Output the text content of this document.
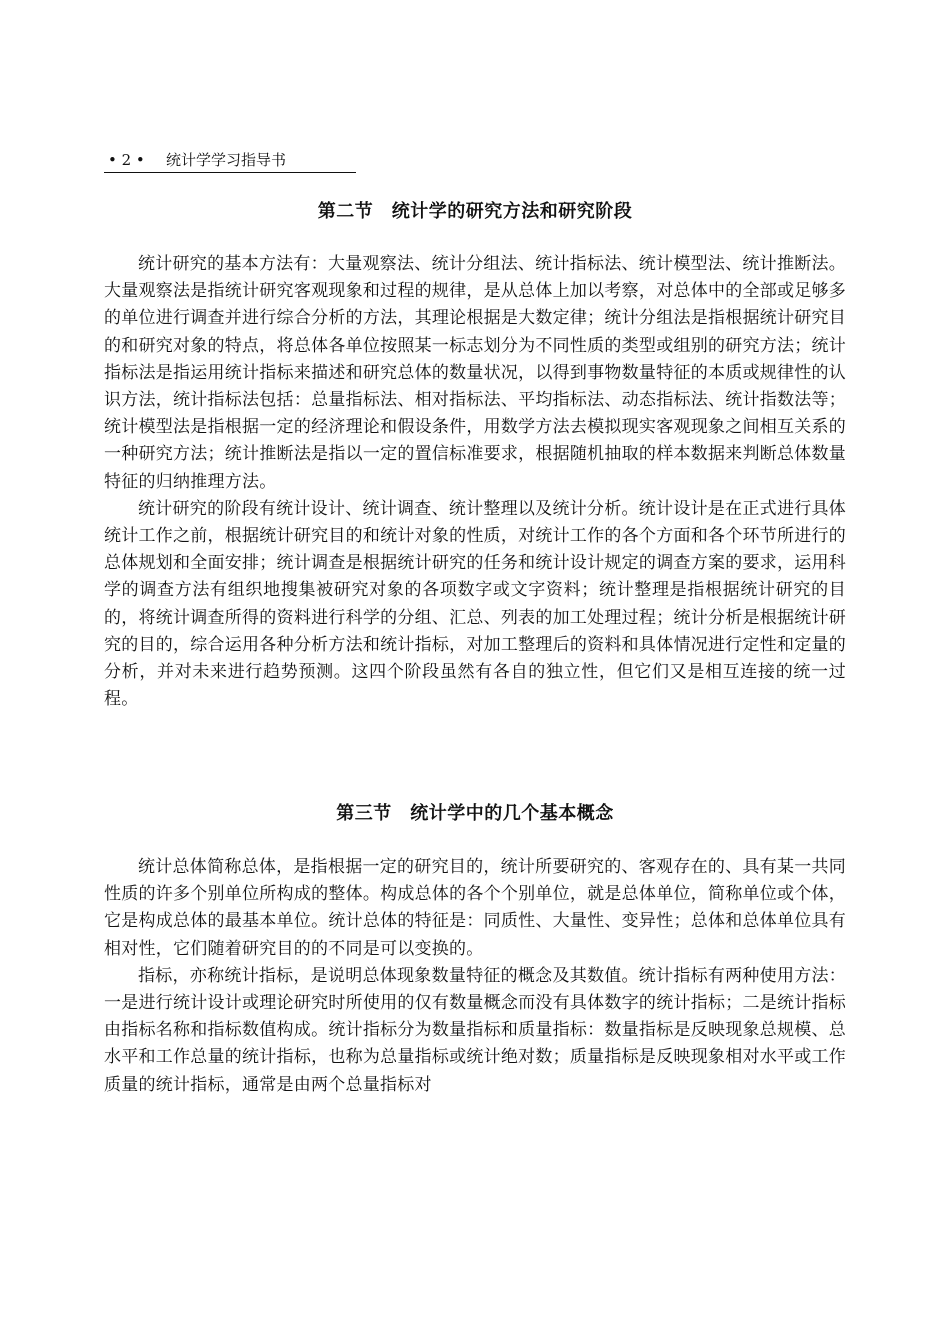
• 2 • 统计学学习指导书
第二节　统计学的研究方法和研究阶段

统计研究的基本方法有：大量观察法、统计分组法、统计指标法、统计模型法、统计推断法。大量观察法是指统计研究客观现象和过程的规律，是从总体上加以考察，对总体中的全部或足够多的单位进行调查并进行综合分析的方法，其理论根据是大数定律；统计分组法是指根据统计研究目的和研究对象的特点，将总体各单位按照某一标志划分为不同性质的类型或组别的研究方法；统计指标法是指运用统计指标来描述和研究总体的数量状况，以得到事物数量特征的本质或规律性的认识方法，统计指标法包括：总量指标法、相对指标法、平均指标法、动态指标法、统计指数法等；统计模型法是指根据一定的经济理论和假设条件，用数学方法去模拟现实客观现象之间相互关系的一种研究方法；统计推断法是指以一定的置信标准要求，根据随机抽取的样本数据来判断总体数量特征的归纳推理方法。

统计研究的阶段有统计设计、统计调查、统计整理以及统计分析。统计设计是在正式进行具体统计工作之前，根据统计研究目的和统计对象的性质，对统计工作的各个方面和各个环节所进行的总体规划和全面安排；统计调查是根据统计研究的任务和统计设计规定的调查方案的要求，运用科学的调查方法有组织地搜集被研究对象的各项数字或文字资料；统计整理是指根据统计研究的目的，将统计调查所得的资料进行科学的分组、汇总、列表的加工处理过程；统计分析是根据统计研究的目的，综合运用各种分析方法和统计指标，对加工整理后的资料和具体情况进行定性和定量的分析，并对未来进行趋势预测。这四个阶段虽然有各自的独立性，但它们又是相互连接的统一过程。

第三节　统计学中的几个基本概念

统计总体简称总体，是指根据一定的研究目的，统计所要研究的、客观存在的、具有某一共同性质的许多个别单位所构成的整体。构成总体的各个个别单位，就是总体单位，简称单位或个体，它是构成总体的最基本单位。统计总体的特征是：同质性、大量性、变异性；总体和总体单位具有相对性，它们随着研究目的的不同是可以变换的。

指标，亦称统计指标，是说明总体现象数量特征的概念及其数值。统计指标有两种使用方法：一是进行统计设计或理论研究时所使用的仅有数量概念而没有具体数字的统计指标；二是统计指标由指标名称和指标数值构成。统计指标分为数量指标和质量指标：数量指标是反映现象总规模、总水平和工作总量的统计指标，也称为总量指标或统计绝对数；质量指标是反映现象相对水平或工作质量的统计指标，通常是由两个总量指标对
